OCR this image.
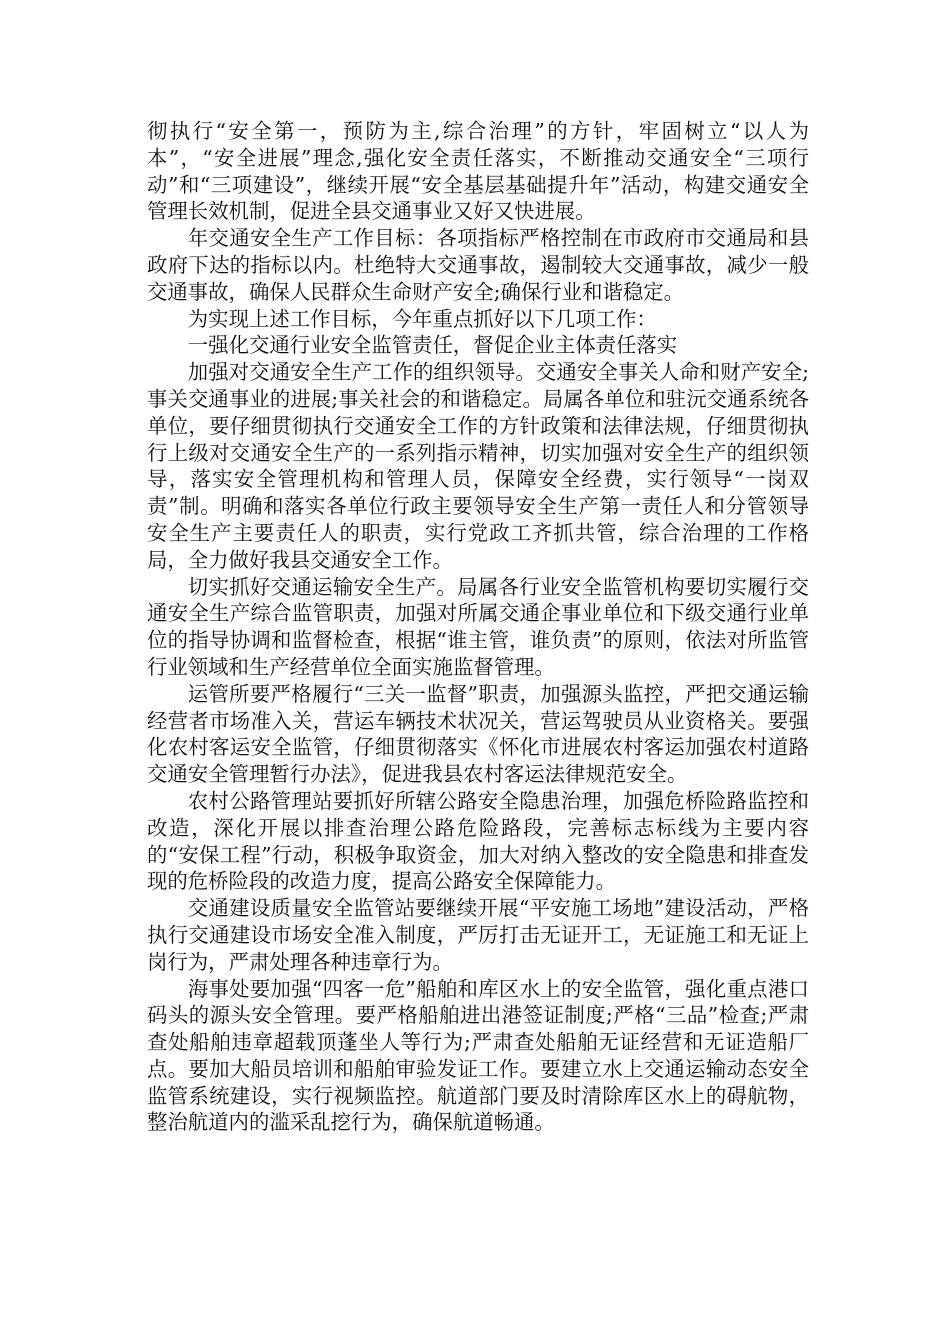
彻执行“安全第一，预防为主,综合治理”的方针，牢固树立“以人为本”，“安全进展”理念,强化安全责任落实，不断推动交通安全“三项行动”和“三项建设”，继续开展“安全基层基础提升年”活动，构建交通安全管理长效机制，促进全县交通事业又好又快进展。

年交通安全生产工作目标：各项指标严格控制在市政府市交通局和县政府下达的指标以内。杜绝特大交通事故，遏制较大交通事故，减少一般交通事故，确保人民群众生命财产安全;确保行业和谐稳定。

为实现上述工作目标，今年重点抓好以下几项工作：

一强化交通行业安全监管责任，督促企业主体责任落实

加强对交通安全生产工作的组织领导。交通安全事关人命和财产安全;事关交通事业的进展;事关社会的和谐稳定。局属各单位和驻沅交通系统各单位，要仔细贯彻执行交通安全工作的方针政策和法律法规，仔细贯彻执行上级对交通安全生产的一系列指示精神，切实加强对安全生产的组织领导，落实安全管理机构和管理人员，保障安全经费，实行领导“一岗双责”制。明确和落实各单位行政主要领导安全生产第一责任人和分管领导安全生产主要责任人的职责，实行党政工齐抓共管，综合治理的工作格局，全力做好我县交通安全工作。

切实抓好交通运输安全生产。局属各行业安全监管机构要切实履行交通安全生产综合监管职责，加强对所属交通企事业单位和下级交通行业单位的指导协调和监督检查，根据“谁主管，谁负责”的原则，依法对所监管行业领域和生产经营单位全面实施监督管理。

运管所要严格履行“三关一监督”职责，加强源头监控，严把交通运输经营者市场准入关，营运车辆技术状况关，营运驾驶员从业资格关。要强化农村客运安全监管，仔细贯彻落实《怀化市进展农村客运加强农村道路交通安全管理暂行办法》，促进我县农村客运法律规范安全。

农村公路管理站要抓好所辖公路安全隐患治理，加强危桥险路监控和改造，深化开展以排查治理公路危险路段，完善标志标线为主要内容的“安保工程”行动，积极争取资金，加大对纳入整改的安全隐患和排查发现的危桥险段的改造力度，提高公路安全保障能力。

交通建设质量安全监管站要继续开展“平安施工场地”建设活动，严格执行交通建设市场安全准入制度，严厉打击无证开工，无证施工和无证上岗行为，严肃处理各种违章行为。

海事处要加强“四客一危”船舶和库区水上的安全监管，强化重点港口码头的源头安全管理。要严格船舶进出港签证制度;严格“三品”检查;严肃查处船舶违章超载顶蓬坐人等行为;严肃查处船舶无证经营和无证造船厂点。要加大船员培训和船舶审验发证工作。要建立水上交通运输动态安全监管系统建设，实行视频监控。航道部门要及时清除库区水上的碍航物，整治航道内的滥采乱挖行为，确保航道畅通。
